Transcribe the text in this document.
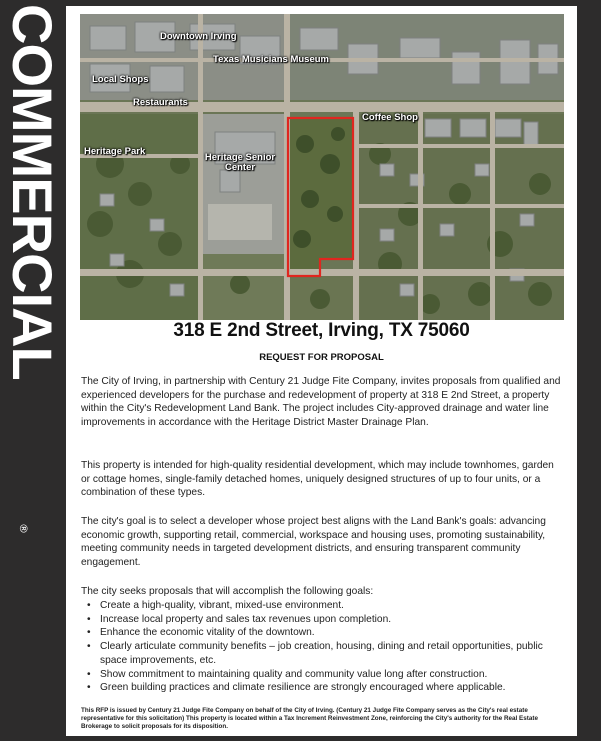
COMMERCIAL
®
Downtown Irving
Texas Musicians Museum
Local Shops
Restaurants
Coffee Shop
Heritage Park
Heritage Senior Center
318 E 2nd Street, Irving, TX 75060
REQUEST FOR PROPOSAL

The City of Irving, in partnership with Century 21 Judge Fite Company, invites proposals from qualified and experienced developers for the purchase and redevelopment of property at 318 E 2nd Street, a property within the City's Redevelopment Land Bank. The project includes City-approved drainage and water line improvements in accordance with the Heritage District Master Drainage Plan.

This property is intended for high-quality residential development, which may include townhomes, garden or cottage homes, single-family detached homes, uniquely designed structures of up to four units, or a combination of these types.

The city's goal is to select a developer whose project best aligns with the Land Bank's goals: advancing economic growth, supporting retail, commercial, workspace and housing uses, promoting sustainability, meeting community needs in targeted development districts, and ensuring transparent community engagement.

The city seeks proposals that will accomplish the following goals:

• Create a high-quality, vibrant, mixed-use environment.
• Increase local property and sales tax revenues upon completion.
• Enhance the economic vitality of the downtown.
• Clearly articulate community benefits – job creation, housing, dining and retail opportunities, public space improvements, etc.
• Show commitment to maintaining quality and community value long after construction.
• Green building practices and climate resilience are strongly encouraged where applicable.

This RFP is issued by Century 21 Judge Fite Company on behalf of the City of Irving. (Century 21 Judge Fite Company serves as the City's real estate representative for this solicitation) This property is located within a Tax Increment Reinvestment Zone, reinforcing the City's authority for the Real Estate Brokerage to solicit proposals for its disposition.
